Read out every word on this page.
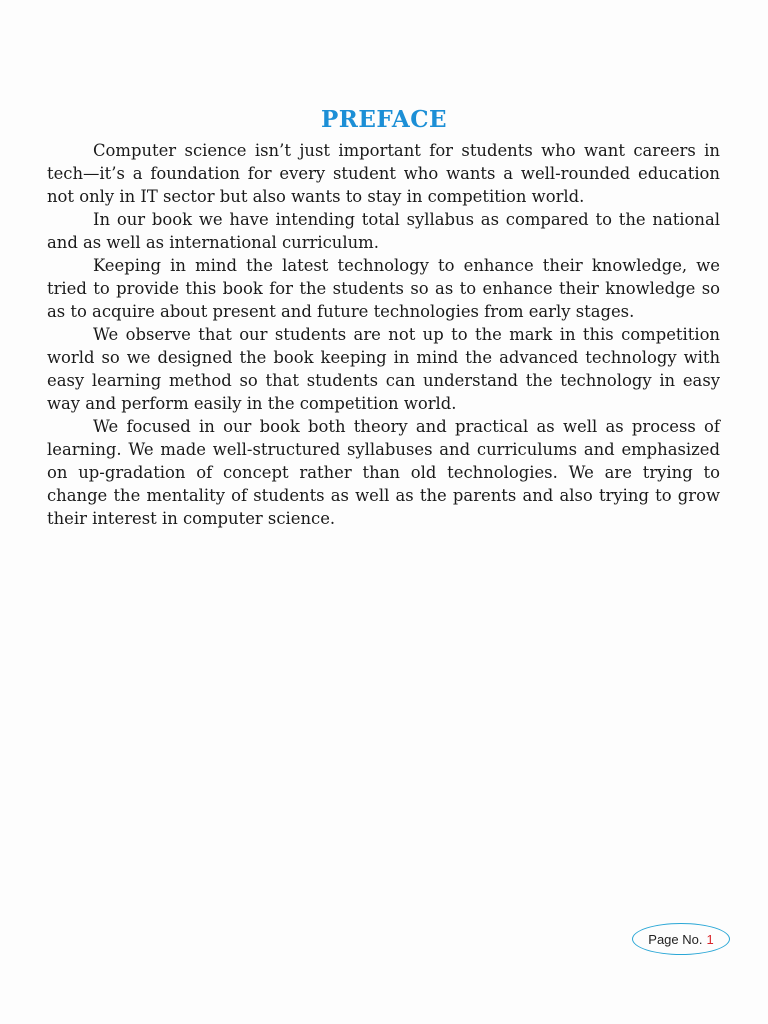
PREFACE

Computer science isn’t just important for students who want careers in tech—it’s a foundation for every student who wants a well-rounded education not only in IT sector but also wants to stay in competition world.

In our book we have intending total syllabus as compared to the national and as well as international curriculum.

Keeping in mind the latest technology to enhance their knowledge, we tried to provide this book for the students so as to enhance their knowledge so as to acquire about present and future technologies from early stages.

We observe that our students are not up to the mark in this competition world so we designed the book keeping in mind the advanced technology with easy learning method so that students can understand the technology in easy way and perform easily in the competition world.

We focused in our book both theory and practical as well as process of learning. We made well-structured syllabuses and curriculums and emphasized on up-gradation of concept rather than old technologies. We are trying to change the mentality of students as well as the parents and also trying to grow their interest in computer science.

Page No. 1
